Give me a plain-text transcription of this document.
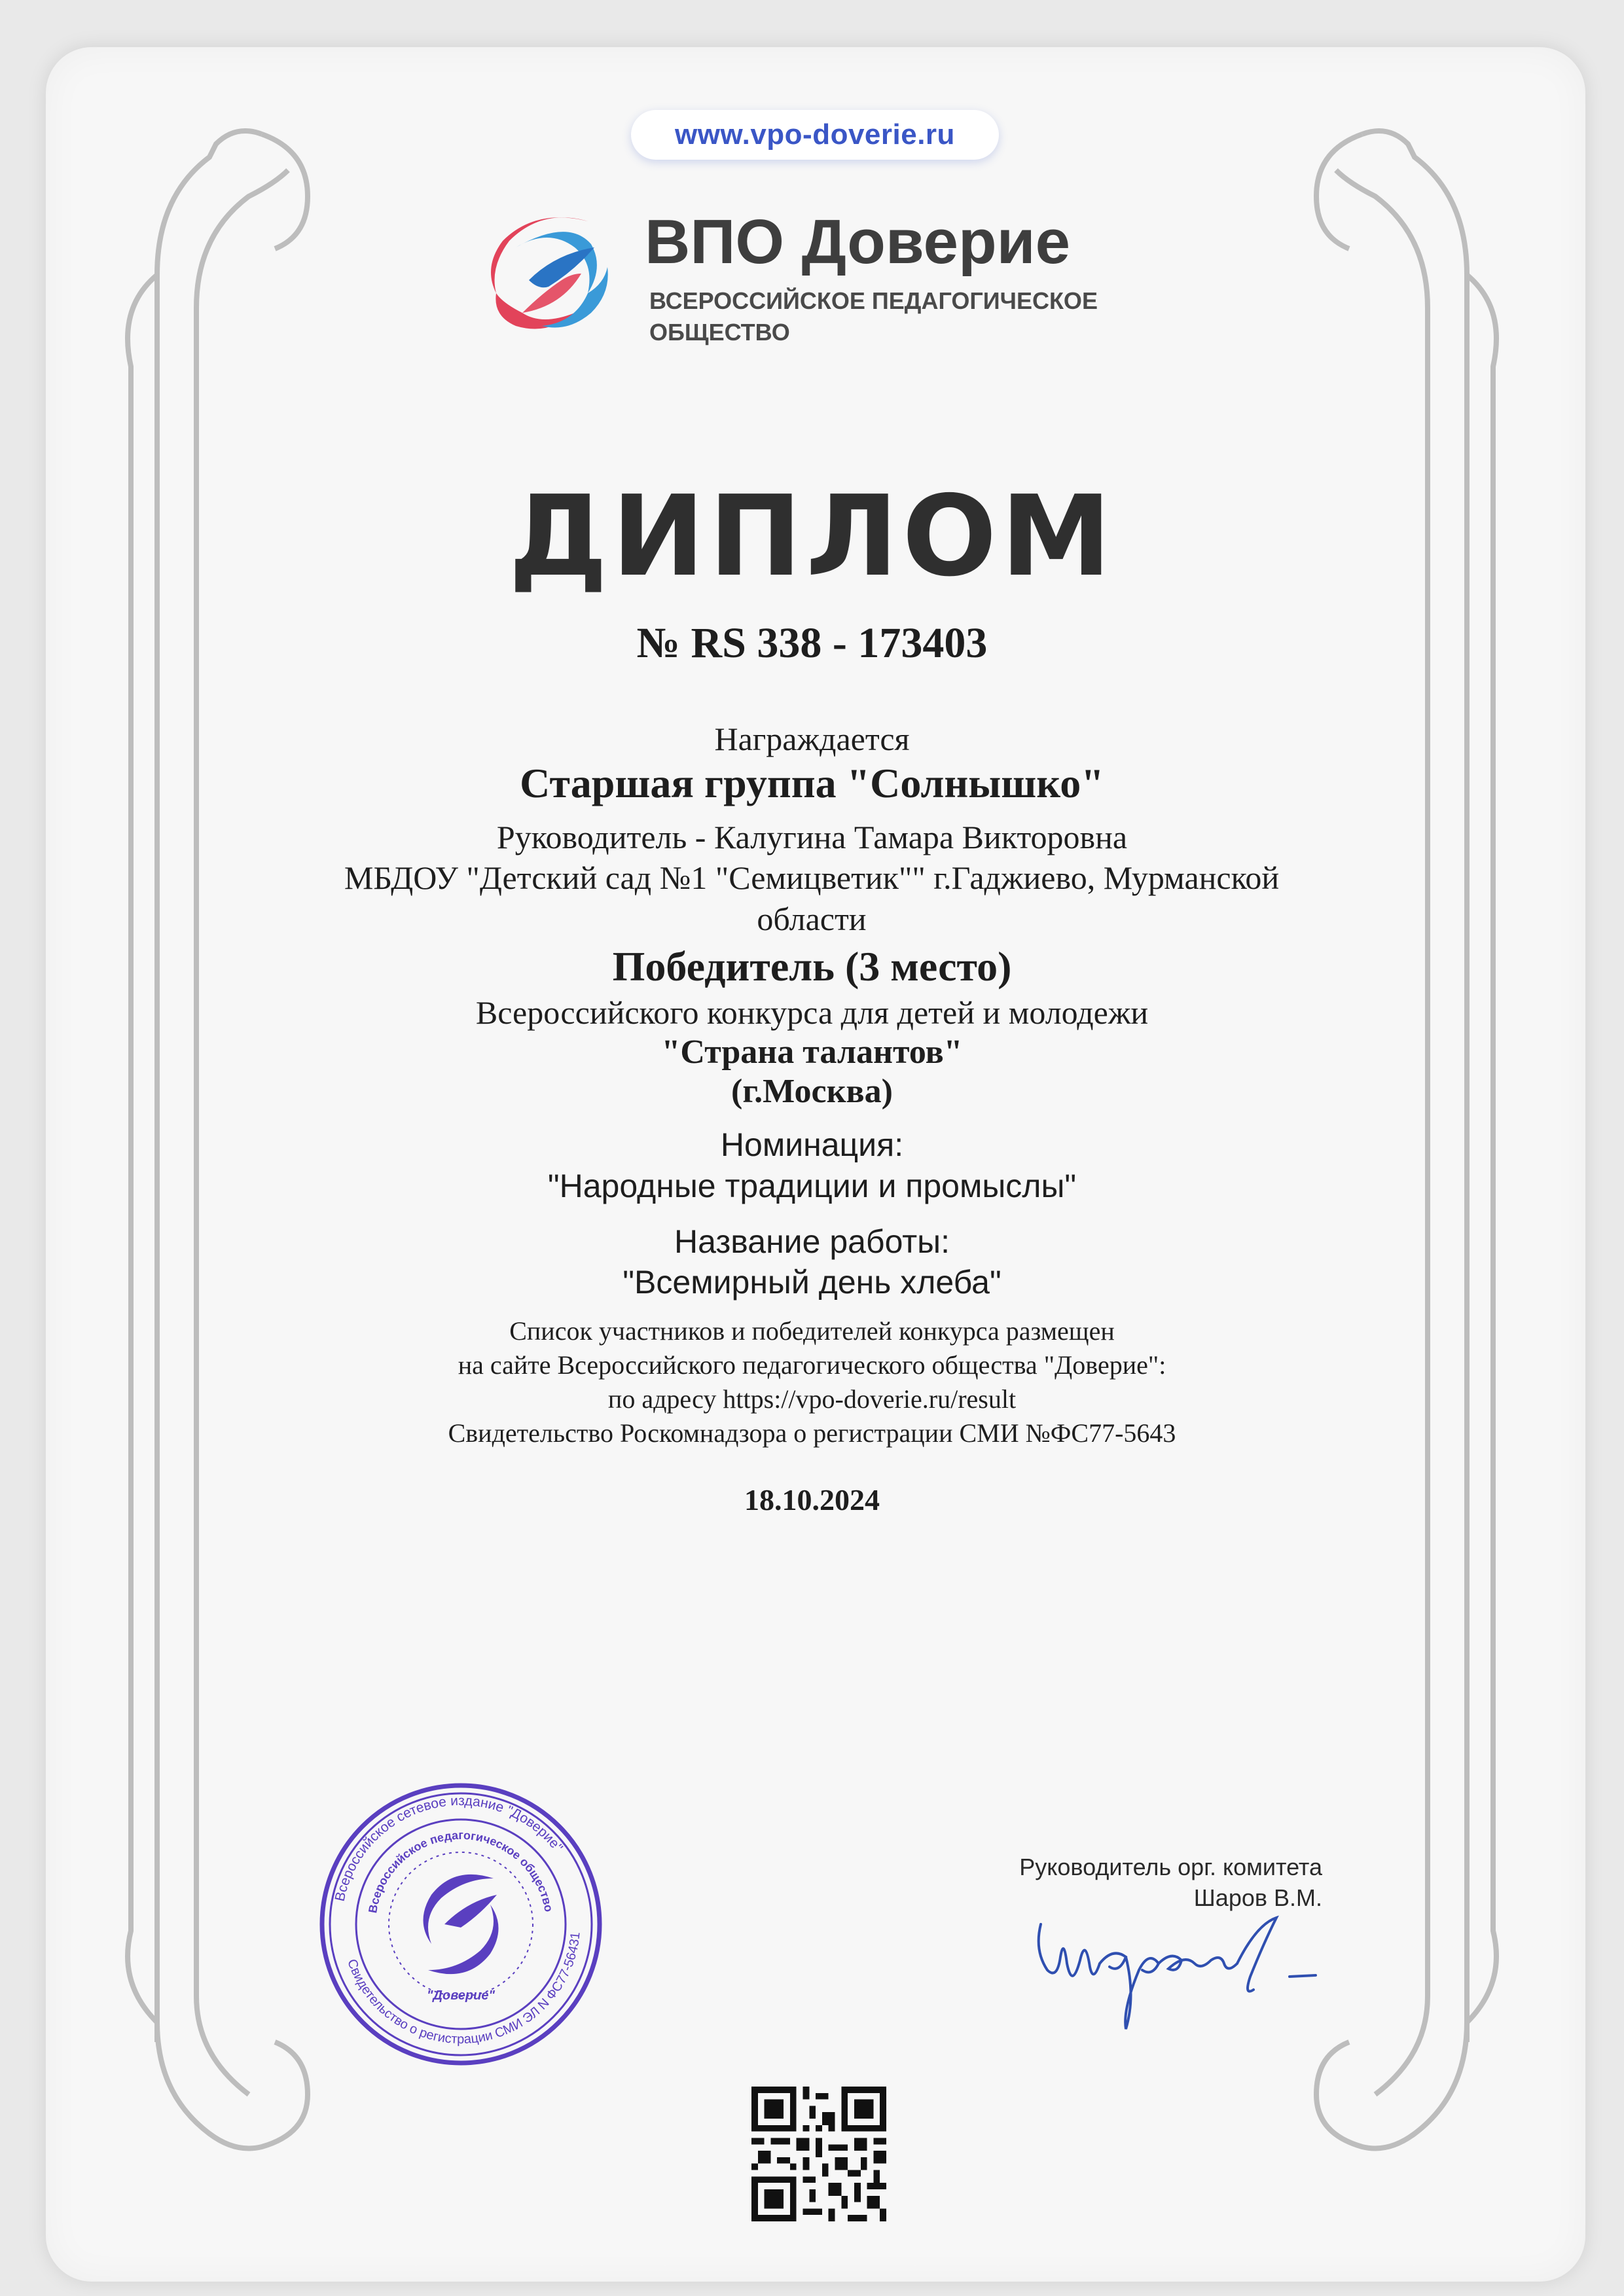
www.vpo-doverie.ru
ВПО Доверие
ВСЕРОССИЙСКОЕ ПЕДАГОГИЧЕСКОЕ ОБЩЕСТВО
ДИПЛОМ
№ RS 338 - 173403
Награждается
Старшая группа "Солнышко"
Руководитель - Калугина Тамара Викторовна
МБДОУ "Детский сад №1 "Семицветик"" г.Гаджиево, Мурманской области
Победитель (3 место)
Всероссийского конкурса для детей и молодежи
"Страна талантов"
(г.Москва)
Номинация:
"Народные традиции и промыслы"
Название работы:
"Всемирный день хлеба"
Список участников и победителей конкурса размещен
на сайте Всероссийского педагогического общества "Доверие":
по адресу https://vpo-doverie.ru/result
Свидетельство Роскомнадзора о регистрации СМИ №ФС77-5643
18.10.2024
Всероссийское сетевое издание "Доверие"
Свидетельство о регистрации СМИ ЭЛ N ФС77-56431
Всероссийское педагогическое общество
"Доверие"
Руководитель орг. комитета
Шаров В.М.
